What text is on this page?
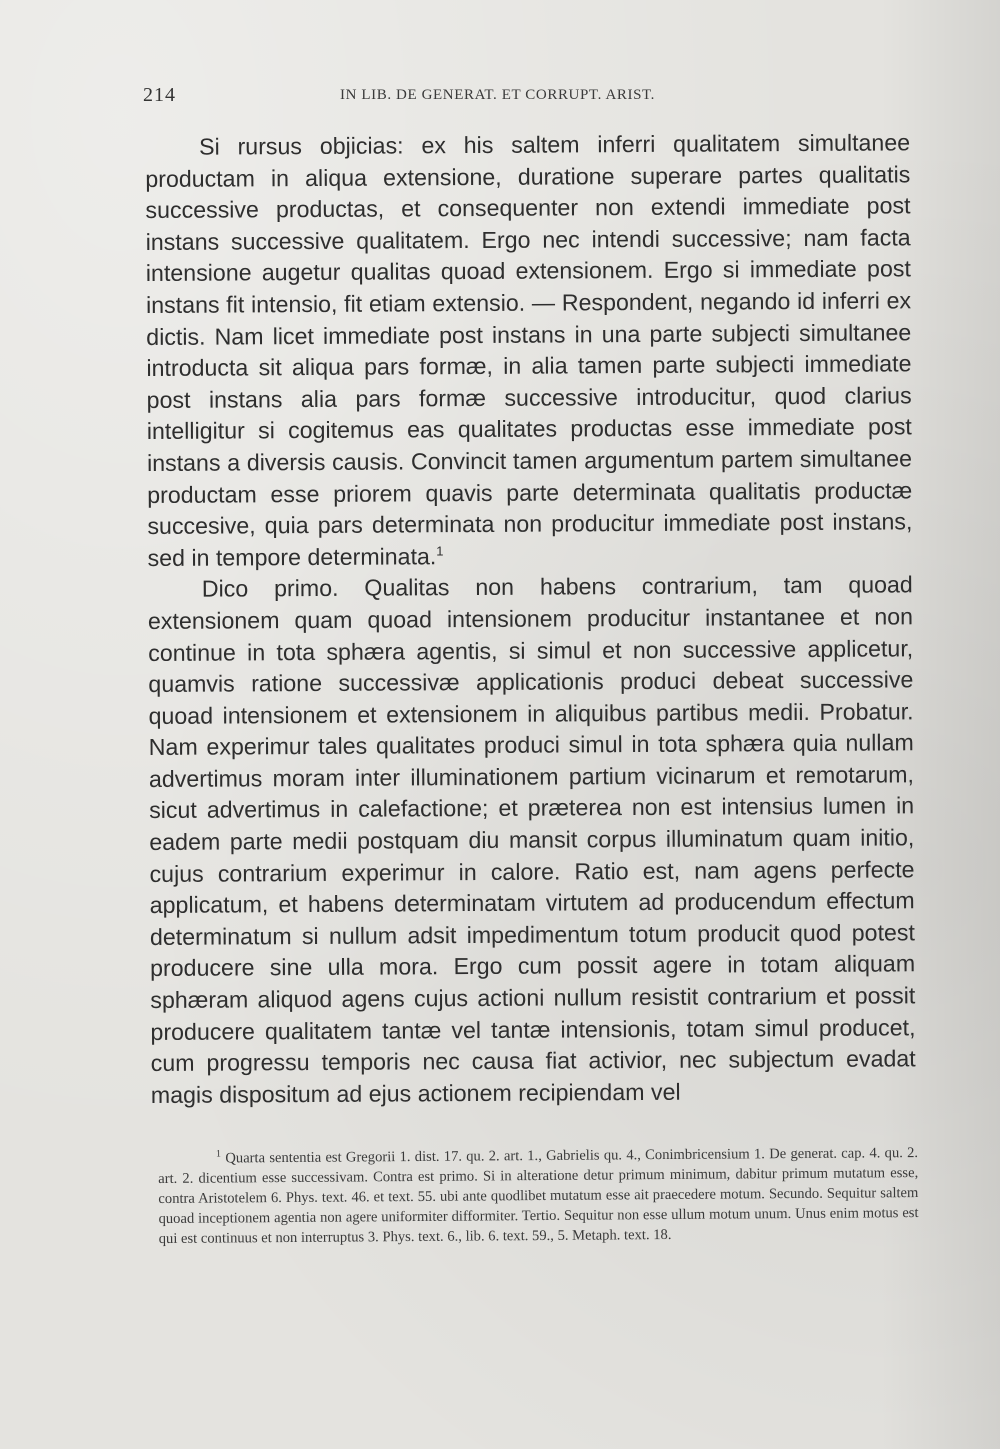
214	IN LIB. DE GENERAT. ET CORRUPT. ARIST.

Si rursus objicias: ex his saltem inferri qualitatem simultanee productam in aliqua extensione, duratione superare partes qualitatis successive productas, et consequenter non extendi immediate post instans successive qualitatem. Ergo nec intendi successive; nam facta intensione augetur qualitas quoad extensionem. Ergo si immediate post instans fit intensio, fit etiam extensio. — Respondent, negando id inferri ex dictis. Nam licet immediate post instans in una parte subjecti simultanee introducta sit aliqua pars formæ, in alia tamen parte subjecti immediate post instans alia pars formæ successive introducitur, quod clarius intelligitur si cogitemus eas qualitates productas esse immediate post instans a diversis causis. Convincit tamen argumentum partem simultanee productam esse priorem quavis parte determinata qualitatis productæ succesive, quia pars determinata non producitur immediate post instans, sed in tempore determinata.$^1$

Dico primo. Qualitas non habens contrarium, tam quoad extensionem quam quoad intensionem producitur instantanee et non continue in tota sphæra agentis, si simul et non successive applicetur, quamvis ratione successivæ applicationis produci debeat successive quoad intensionem et extensionem in aliquibus partibus medii. Probatur. Nam experimur tales qualitates produci simul in tota sphæra quia nullam advertimus moram inter illuminationem partium vicinarum et remotarum, sicut advertimus in calefactione; et præterea non est intensius lumen in eadem parte medii postquam diu mansit corpus illuminatum quam initio, cujus contrarium experimur in calore. Ratio est, nam agens perfecte applicatum, et habens determinatam virtutem ad producendum effectum determinatum si nullum adsit impedimentum totum producit quod potest producere sine ulla mora. Ergo cum possit agere in totam aliquam sphæram aliquod agens cujus actioni nullum resistit contrarium et possit producere qualitatem tantæ vel tantæ intensionis, totam simul producet, cum progressu temporis nec causa fiat activior, nec subjectum evadat magis dispositum ad ejus actionem recipiendam vel

$^1$ Quarta sententia est Gregorii 1. dist. 17. qu. 2. art. 1., Gabrielis qu. 4., Conimbricensium 1. De generat. cap. 4. qu. 2. art. 2. dicentium esse successivam. Contra est primo. Si in alteratione detur primum minimum, dabitur primum mutatum esse, contra Aristotelem 6. Phys. text. 46. et text. 55. ubi ante quodlibet mutatum esse ait praecedere motum. Secundo. Sequitur saltem quoad inceptionem agentia non agere uniformiter difformiter. Tertio. Sequitur non esse ullum motum unum. Unus enim motus est qui est continuus et non interruptus 3. Phys. text. 6., lib. 6. text. 59., 5. Metaph. text. 18.
